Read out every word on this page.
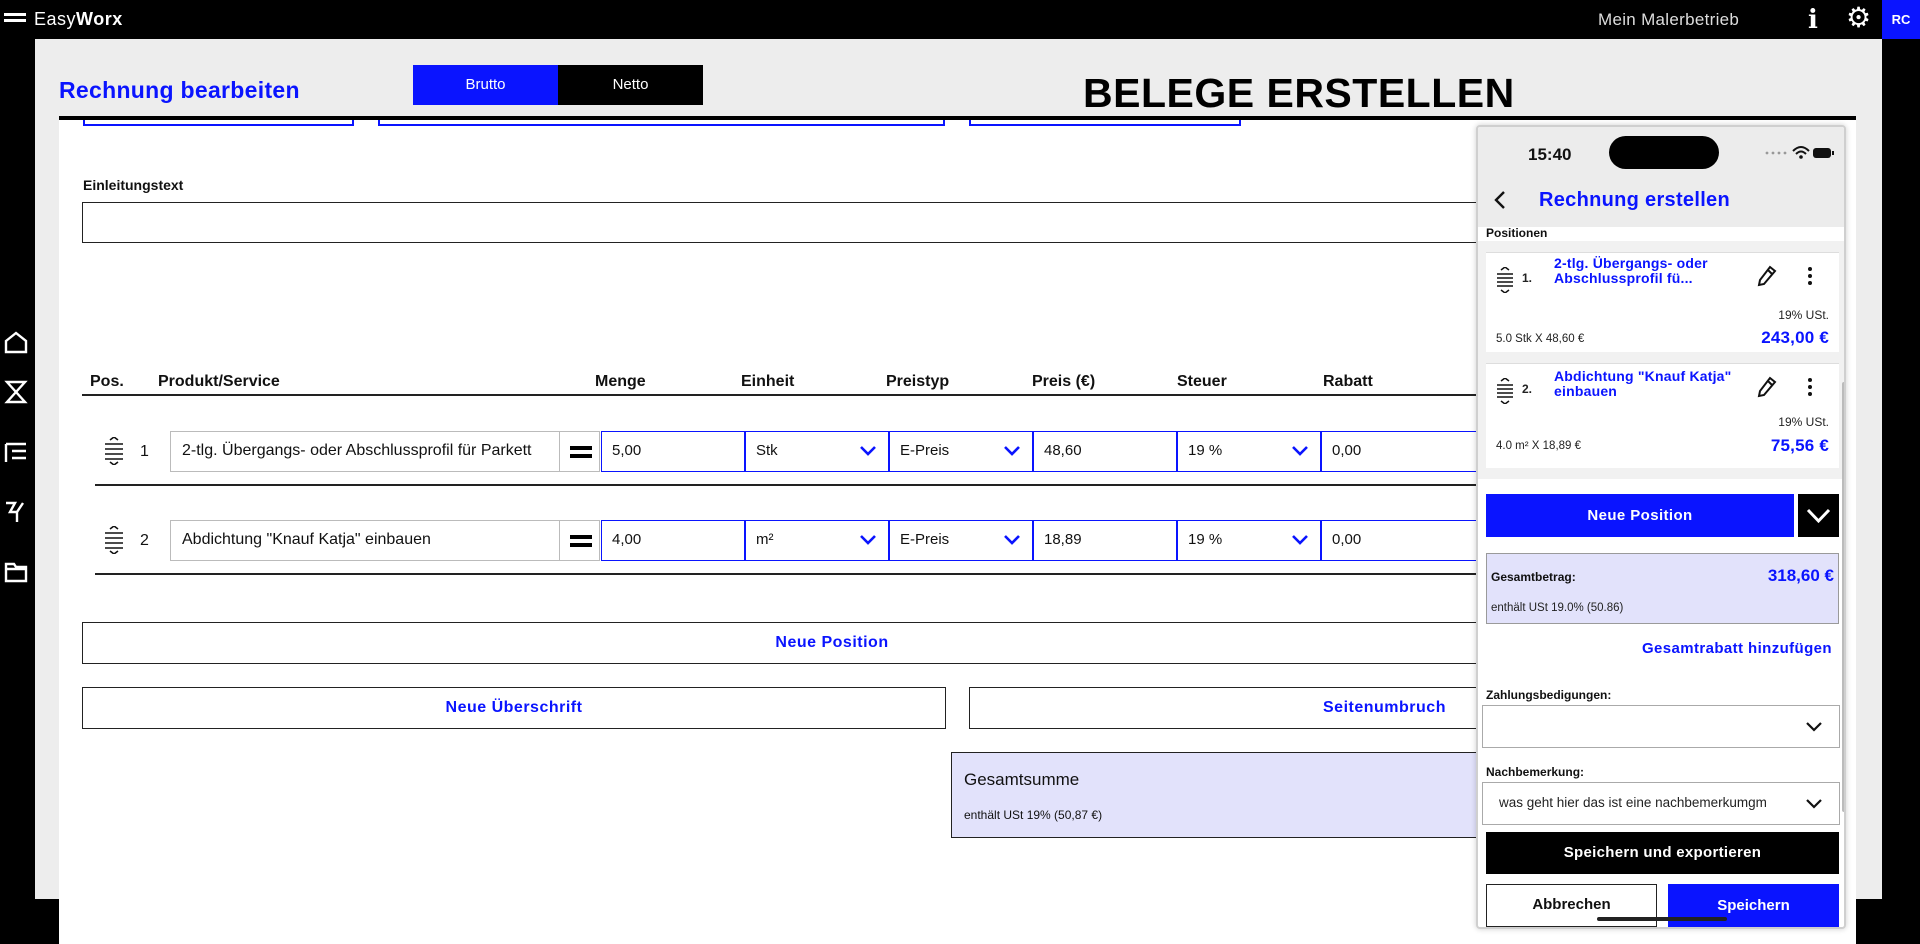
EasyWorx	Mein Malerbetrieb	i ⚙	RC
Rechnung bearbeiten	Brutto	Netto	BELEGE ERSTELLEN
Einleitungstext
Pos. Produkt/Service	Menge	Einheit	Preistyp	Preis (€)	Steuer	Rabatt
1	2-tlg. Übergangs- oder Abschlussprofil für Parkett	5,00	Stk	E-Preis	48,60	19 %	0,00
2	Abdichtung "Knauf Katja" einbauen	4,00	m²	E-Preis	18,89	19 %	0,00
Neue Position
Neue Überschrift	Seitenumbruch
Gesamtsumme
enthält USt 19% (50,87 €)
15:40
Rechnung erstellen
Positionen
1.
2-tlg. Übergangs- oder Abschlussprofil fü...
19% USt.
5.0 Stk X 48,60 €	243,00 €
2.
Abdichtung "Knauf Katja" einbauen
19% USt.
4.0 m² X 18,89 €	75,56 €
Neue Position
Gesamtbetrag:	318,60 €
enthält USt 19.0% (50.86)
Gesamtrabatt hinzufügen
Zahlungsbedigungen:
Nachbemerkung:
was geht hier das ist eine nachbemerkumgm
Speichern und exportieren
Abbrechen	Speichern
